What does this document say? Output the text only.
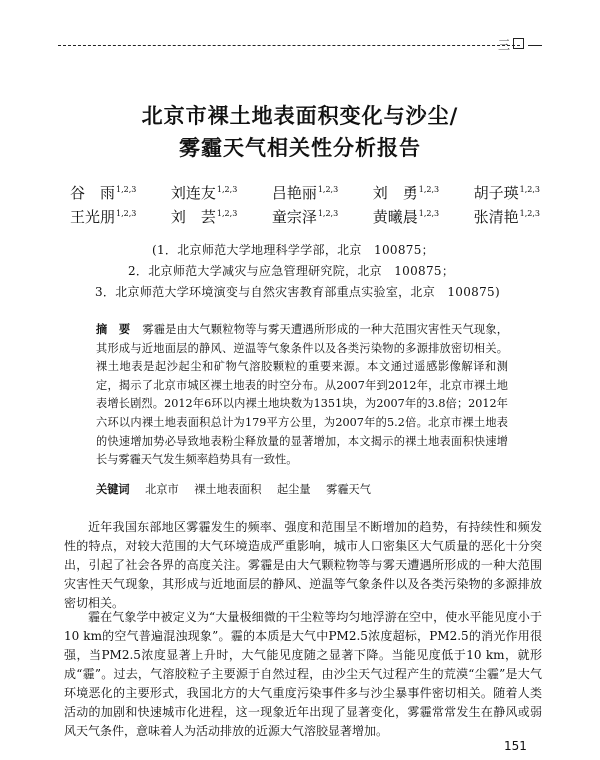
三
北京市裸土地表面积变化与沙尘/
雾霾天气相关性分析报告
谷　雨$^{1,2,3}$ 刘连友$^{1,2,3}$ 吕艳丽$^{1,2,3}$ 刘　勇$^{1,2,3}$ 胡子瑛$^{1,2,3}$
王光朋$^{1,2,3}$ 刘　芸$^{1,2,3}$ 童宗泽$^{1,2,3}$ 黄曦晨$^{1,2,3}$ 张清艳$^{1,2,3}$
(1．北京师范大学地理科学学部，北京　100875；
2．北京师范大学减灾与应急管理研究院，北京　100875；
3．北京师范大学环境演变与自然灾害教育部重点实验室，北京　100875)
摘　要 雾霾是由大气颗粒物等与雾天遭遇所形成的一种大范围灾害性天气现象，其形成与近地面层的静风、逆温等气象条件以及各类污染物的多源排放密切相关。裸土地表是起沙起尘和矿物气溶胶颗粒的重要来源。本文通过遥感影像解译和测定，揭示了北京市城区裸土地表的时空分布。从2007年到2012年，北京市裸土地表增长剧烈。2012年6环以内裸土地块数为1351块，为2007年的3.8倍；2012年六环以内裸土地表面积总计为179平方公里，为2007年的5.2倍。北京市裸土地表的快速增加势必导致地表粉尘释放量的显著增加，本文揭示的裸土地表面积快速增长与雾霾天气发生频率趋势具有一致性。
关键词 北京市 裸土地表面积 起尘量 雾霾天气

近年我国东部地区雾霾发生的频率、强度和范围呈不断增加的趋势，有持续性和频发性的特点，对较大范围的大气环境造成严重影响，城市人口密集区大气质量的恶化十分突出，引起了社会各界的高度关注。雾霾是由大气颗粒物等与雾天遭遇所形成的一种大范围灾害性天气现象，其形成与近地面层的静风、逆温等气象条件以及各类污染物的多源排放密切相关。

霾在气象学中被定义为“大量极细微的干尘粒等均匀地浮游在空中，使水平能见度小于10 km的空气普遍混浊现象”。霾的本质是大气中PM2.5浓度超标，PM2.5的消光作用很强，当PM2.5浓度显著上升时，大气能见度随之显著下降。当能见度低于10 km，就形成“霾”。过去，气溶胶粒子主要源于自然过程，由沙尘天气过程产生的荒漠“尘霾”是大气环境恶化的主要形式，我国北方的大气重度污染事件多与沙尘暴事件密切相关。随着人类活动的加剧和快速城市化进程，这一现象近年出现了显著变化，雾霾常常发生在静风或弱风天气条件，意味着人为活动排放的近源大气溶胶显著增加。

151
